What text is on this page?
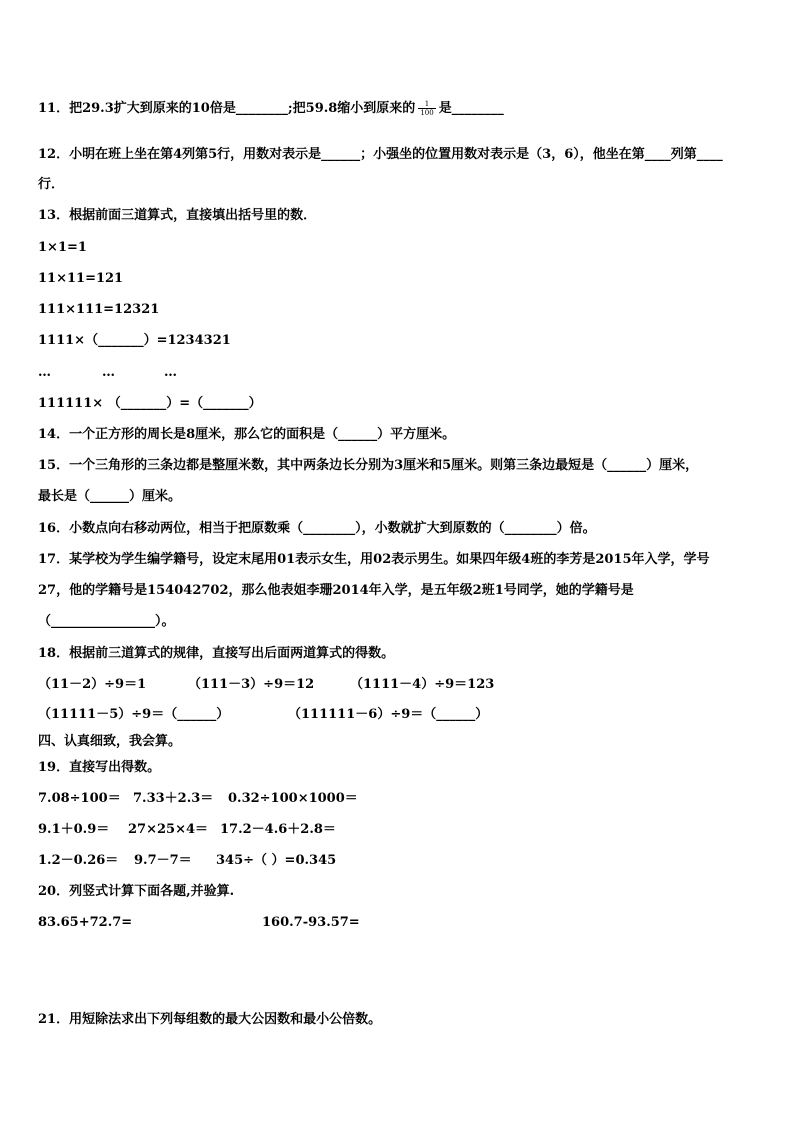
11．把29.3扩大到原来的10倍是________;把59.8缩小到原来的 $\frac{1}{100}$ 是________
12．小明在班上坐在第4列第5行，用数对表示是______；小强坐的位置用数对表示是（3，6），他坐在第____列第____
行．
13．根据前面三道算式，直接填出括号里的数．
1×1=1
11×11=121
111×111=12321
1111×（_______）=1234321
…	…	…
111111× （_______）=（_______）
14．一个正方形的周长是8厘米，那么它的面积是（______）平方厘米。
15．一个三角形的三条边都是整厘米数，其中两条边长分别为3厘米和5厘米。则第三条边最短是（______）厘米，
最长是（______）厘米。
16．小数点向右移动两位，相当于把原数乘（________），小数就扩大到原数的（________）倍。
17．某学校为学生编学籍号，设定末尾用01表示女生，用02表示男生。如果四年级4班的李芳是2015年入学，学号
27，他的学籍号是154042702，那么他表姐李珊2014年入学，是五年级2班1号同学，她的学籍号是
（________________）。
18．根据前三道算式的规律，直接写出后面两道算式的得数。
（11－2）÷9＝1	（111－3）÷9＝12	（1111－4）÷9＝123
（11111－5）÷9＝（______）	（111111－6）÷9＝（______）
四、认真细致，我会算。
19．直接写出得数。
7.08÷100＝ 7.33＋2.3＝ 0.32÷100×1000＝
9.1＋0.9＝ 27×25×4＝ 17.2－4.6＋2.8＝
1.2－0.26＝ 9.7－7＝ 345÷（ ）=0.345
20．列竖式计算下面各题,并验算.
83.65+72.7=	160.7-93.57=
21．用短除法求出下列每组数的最大公因数和最小公倍数。
